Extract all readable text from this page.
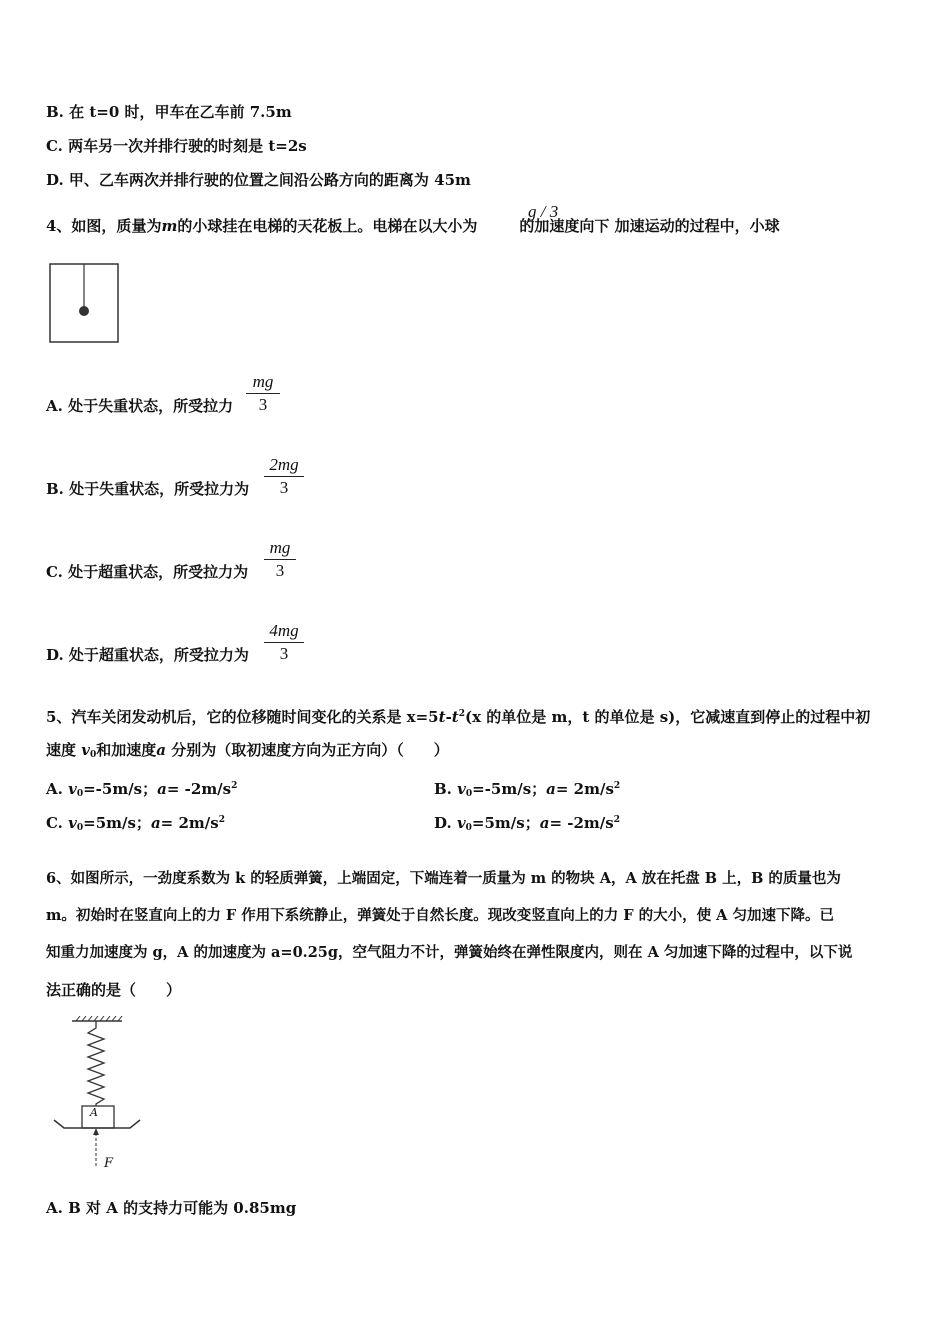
B. 在 t=0 时，甲车在乙车前 7.5m
C. 两车另一次并排行驶的时刻是 t=2s
D. 甲、乙车两次并排行驶的位置之间沿公路方向的距离为 45m
4、如图，质量为m的小球挂在电梯的天花板上。电梯在以大小为	的加速度向下 加速运动的过程中，小球
g / 3
A. 处于失重状态，所受拉力 $\frac{mg}{3}$
B. 处于失重状态，所受拉力为 $\frac{2mg}{3}$
C. 处于超重状态，所受拉力为 $\frac{mg}{3}$
D. 处于超重状态，所受拉力为 $\frac{4mg}{3}$
5、汽车关闭发动机后，它的位移随时间变化的关系是 $x=5t-t^2(x$ 的单位是 m，t 的单位是 s)，它减速直到停止的过程中初
速度 $v_0$和加速度a 分别为（取初速度方向为正方向）（　　）
A. $v_0=-5m/s$；$a= -2m/s^2$	B. $v_0=-5m/s$；$a= 2m/s^2$
C. $v_0=5m/s$；$a= 2m/s^2$	D. $v_0=5m/s$；$a= -2m/s^2$
6、如图所示，一劲度系数为 k 的轻质弹簧，上端固定，下端连着一质量为 m 的物块 A，A 放在托盘 B 上，B 的质量也为
m。初始时在竖直向上的力 F 作用下系统静止，弹簧处于自然长度。现改变竖直向上的力 F 的大小，使 A 匀加速下降。已
知重力加速度为 g，A 的加速度为 a=0.25g，空气阻力不计，弹簧始终在弹性限度内，则在 A 匀加速下降的过程中，以下说
法正确的是（　　）
A
F
A. B 对 A 的支持力可能为 0.85mg
